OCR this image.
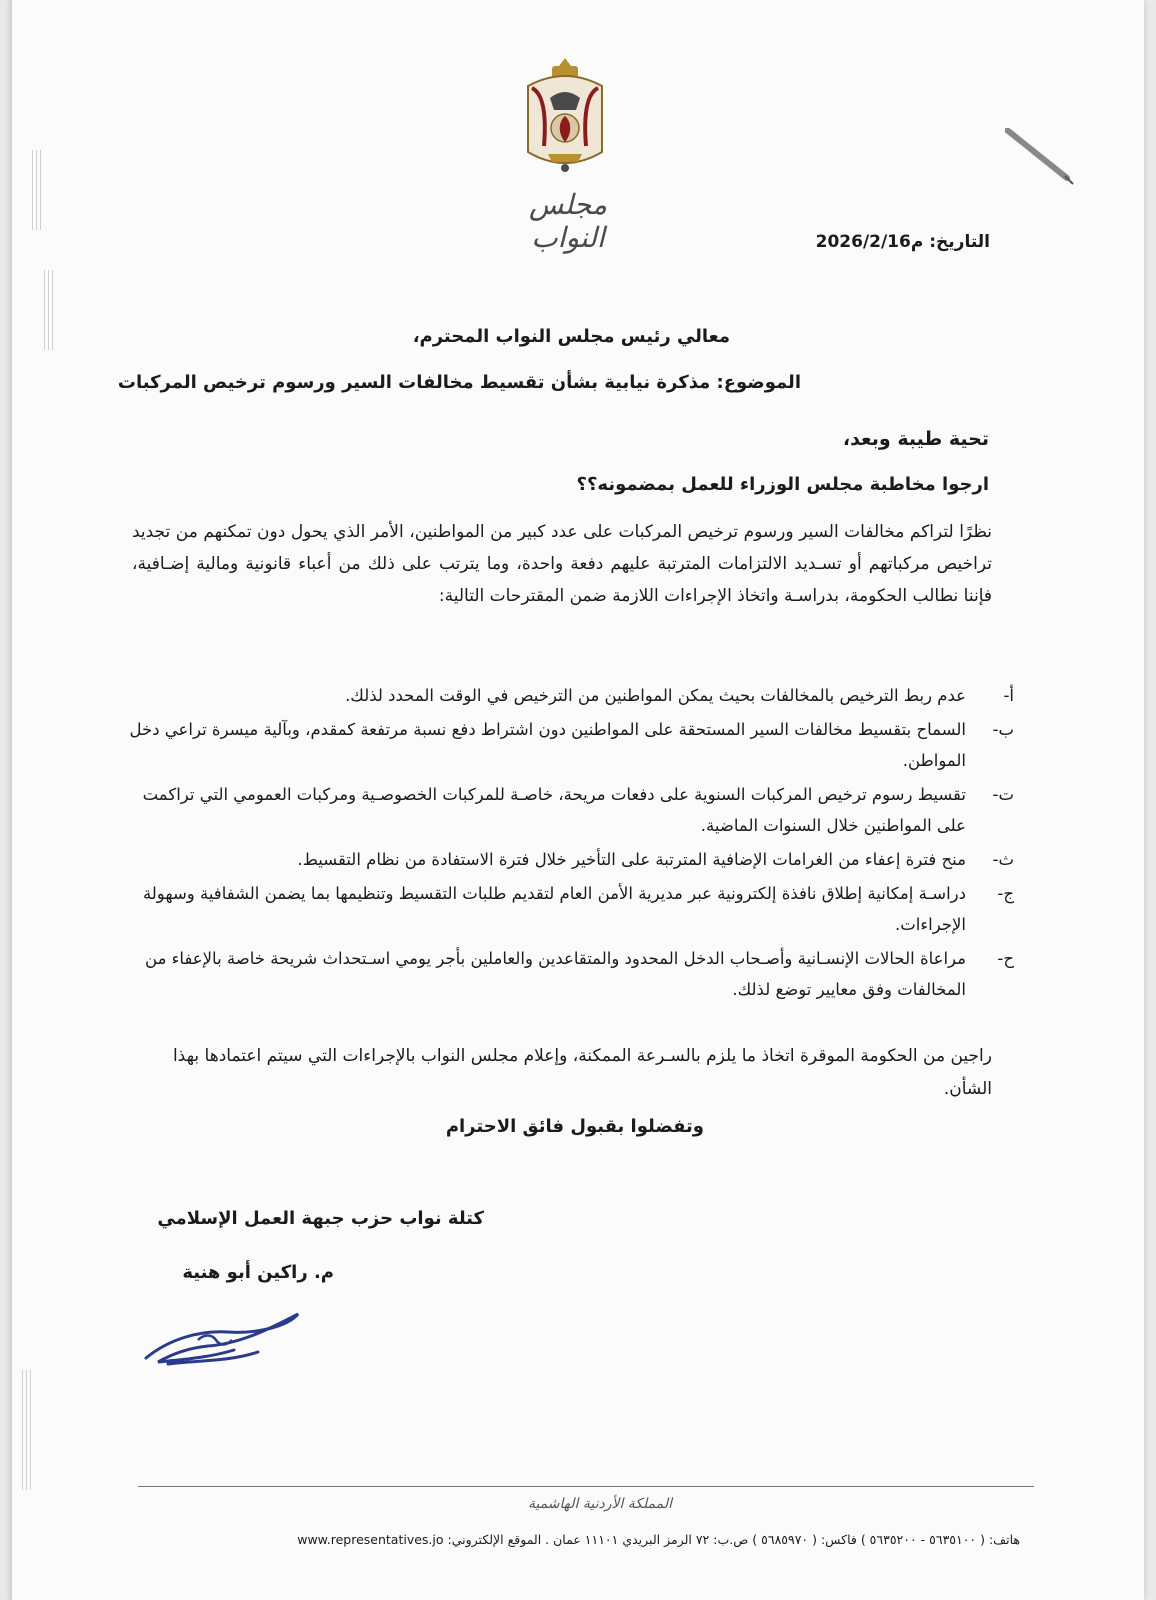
مجلس النواب	التاريخ: 2026/2/16م
معالي رئيس مجلس النواب المحترم،
الموضوع: مذكرة نيابية بشأن تقسيط مخالفات السير ورسوم ترخيص المركبات
تحية طيبة وبعد،
ارجوا مخاطبة مجلس الوزراء للعمل بمضمونه؟؟
نظرًا لتراكم مخالفات السير ورسوم ترخيص المركبات على عدد كبير من المواطنين، الأمر الذي يحول دون تمكنهم من تجديد تراخيص مركباتهم أو تسـديد الالتزامات المترتبة عليهم دفعة واحدة، وما يترتب على ذلك من أعباء قانونية ومالية إضـافية، فإننا نطالب الحكومة، بدراسـة واتخاذ الإجراءات اللازمة ضمن المقترحات التالية:
أ-
عدم ربط الترخيص بالمخالفات بحيث يمكن المواطنين من الترخيص في الوقت المحدد لذلك.
ب-
السماح بتقسيط مخالفات السير المستحقة على المواطنين دون اشتراط دفع نسبة مرتفعة كمقدم، وبآلية ميسرة تراعي دخل المواطن.
ت-
تقسيط رسوم ترخيص المركبات السنوية على دفعات مريحة، خاصـة للمركبات الخصوصـية ومركبات العمومي التي تراكمت على المواطنين خلال السنوات الماضية.
ث-
منح فترة إعفاء من الغرامات الإضافية المترتبة على التأخير خلال فترة الاستفادة من نظام التقسيط.
ج-
دراسـة إمكانية إطلاق نافذة إلكترونية عبر مديرية الأمن العام لتقديم طلبات التقسيط وتنظيمها بما يضمن الشفافية وسهولة الإجراءات.
ح-
مراعاة الحالات الإنسـانية وأصـحاب الدخل المحدود والمتقاعدين والعاملين بأجر يومي اسـتحداث شريحة خاصة بالإعفاء من المخالفات وفق معايير توضع لذلك.
راجين من الحكومة الموقرة اتخاذ ما يلزم بالسـرعة الممكنة، وإعلام مجلس النواب بالإجراءات التي سيتم اعتمادها بهذا الشأن.
وتفضلوا بقبول فائق الاحترام
كتلة نواب حزب جبهة العمل الإسلامي
م. راكين أبو هنية
المملكة الأردنية الهاشمية
هاتف: ( ٥٦٣٥١٠٠ - ٥٦٣٥٢٠٠ ) فاكس: ( ٥٦٨٥٩٧٠ ) ص.ب: ٧٢ الرمز البريدي ١١١٠١ عمان . الموقع الإلكتروني: www.representatives.jo
